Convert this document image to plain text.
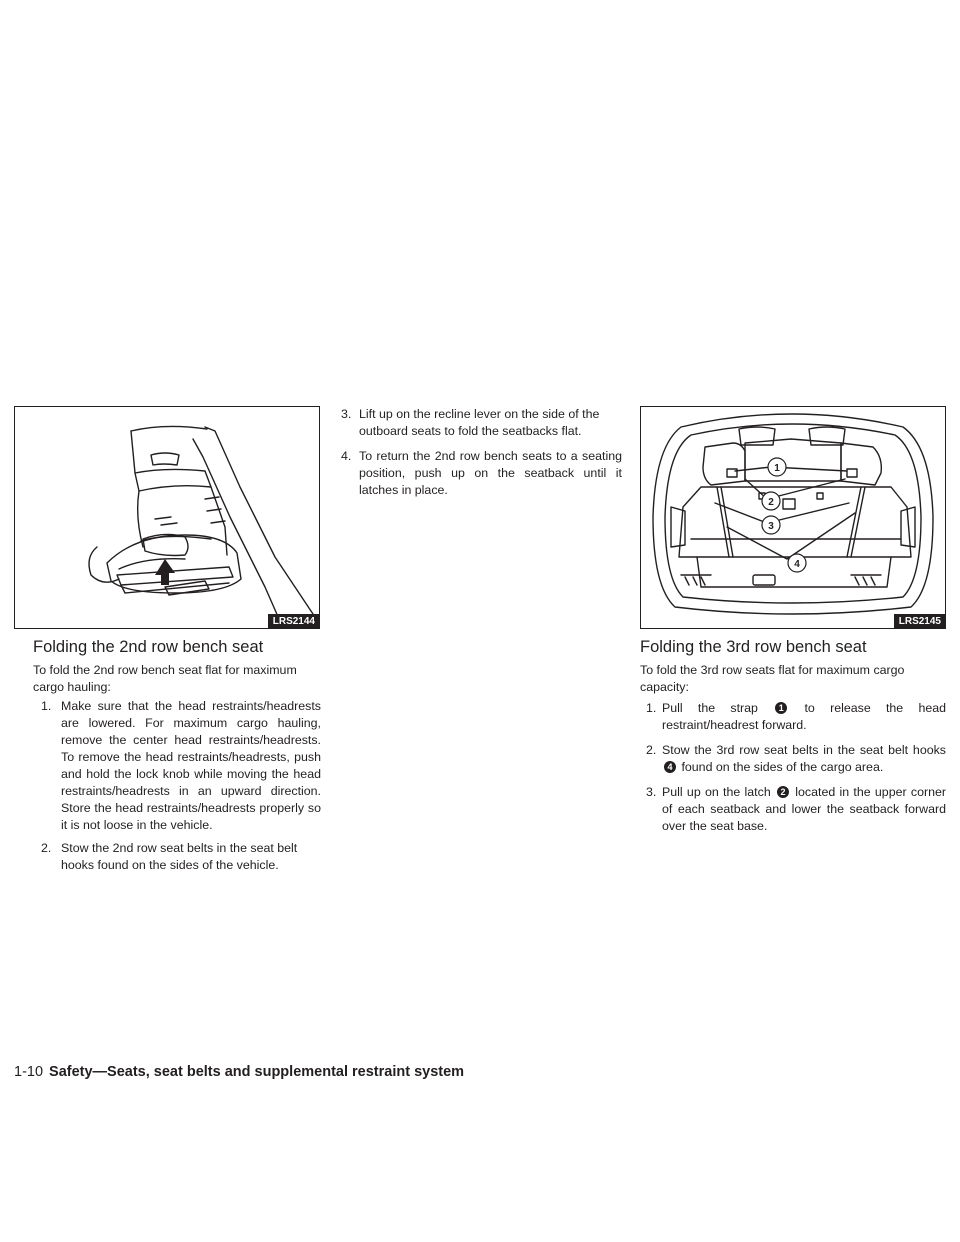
LRS2144
1
2
3
4
LRS2145
Folding the 2nd row bench seat

To fold the 2nd row bench seat flat for maximum cargo hauling:

1. Make sure that the head restraints/headrests are lowered. For maximum cargo hauling, remove the center head restraints/headrests. To remove the head restraints/headrests, push and hold the lock knob while moving the head restraints/headrests in an upward direction. Store the head restraints/headrests properly so it is not loose in the vehicle.
2. Stow the 2nd row seat belts in the seat belt hooks found on the sides of the vehicle.
3. Lift up on the recline lever on the side of the outboard seats to fold the seatbacks flat.
4. To return the 2nd row bench seats to a seating position, push up on the seatback until it latches in place.
Folding the 3rd row bench seat

To fold the 3rd row seats flat for maximum cargo capacity:

1. Pull the strap 1 to release the head restraint/headrest forward.
2. Stow the 3rd row seat belts in the seat belt hooks 4 found on the sides of the cargo area.
3. Pull up on the latch 2 located in the upper corner of each seatback and lower the seatback forward over the seat base.
1-10 Safety—Seats, seat belts and supplemental restraint system
